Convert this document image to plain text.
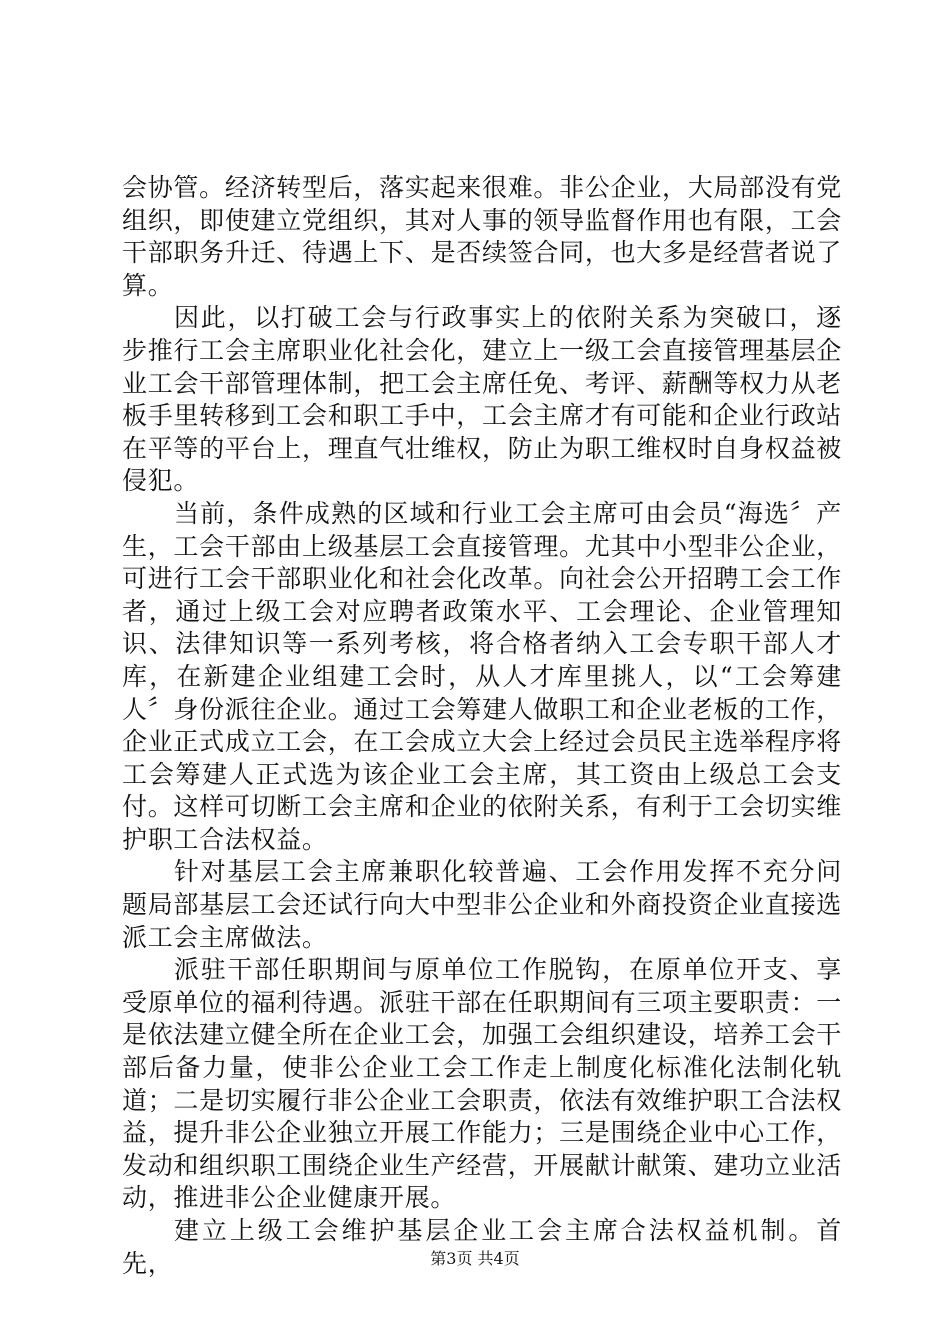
会协管。经济转型后，落实起来很难。非公企业，大局部没有党组织，即使建立党组织，其对人事的领导监督作用也有限，工会干部职务升迁、待遇上下、是否续签合同，也大多是经营者说了算。

因此，以打破工会与行政事实上的依附关系为突破口，逐步推行工会主席职业化社会化，建立上一级工会直接管理基层企业工会干部管理体制，把工会主席任免、考评、薪酬等权力从老板手里转移到工会和职工手中，工会主席才有可能和企业行政站在平等的平台上，理直气壮维权，防止为职工维权时自身权益被侵犯。

当前，条件成熟的区域和行业工会主席可由会员“海选〞产生，工会干部由上级基层工会直接管理。尤其中小型非公企业，可进行工会干部职业化和社会化改革。向社会公开招聘工会工作者，通过上级工会对应聘者政策水平、工会理论、企业管理知识、法律知识等一系列考核，将合格者纳入工会专职干部人才库，在新建企业组建工会时，从人才库里挑人，以“工会筹建人〞身份派往企业。通过工会筹建人做职工和企业老板的工作，企业正式成立工会，在工会成立大会上经过会员民主选举程序将工会筹建人正式选为该企业工会主席，其工资由上级总工会支付。这样可切断工会主席和企业的依附关系，有利于工会切实维护职工合法权益。

针对基层工会主席兼职化较普遍、工会作用发挥不充分问题局部基层工会还试行向大中型非公企业和外商投资企业直接选派工会主席做法。

派驻干部任职期间与原单位工作脱钩，在原单位开支、享受原单位的福利待遇。派驻干部在任职期间有三项主要职责：一是依法建立健全所在企业工会，加强工会组织建设，培养工会干部后备力量，使非公企业工会工作走上制度化标准化法制化轨道；二是切实履行非公企业工会职责，依法有效维护职工合法权益，提升非公企业独立开展工作能力；三是围绕企业中心工作，发动和组织职工围绕企业生产经营，开展献计献策、建功立业活动，推进非公企业健康开展。

建立上级工会维护基层企业工会主席合法权益机制。首先，	第3页 共4页
